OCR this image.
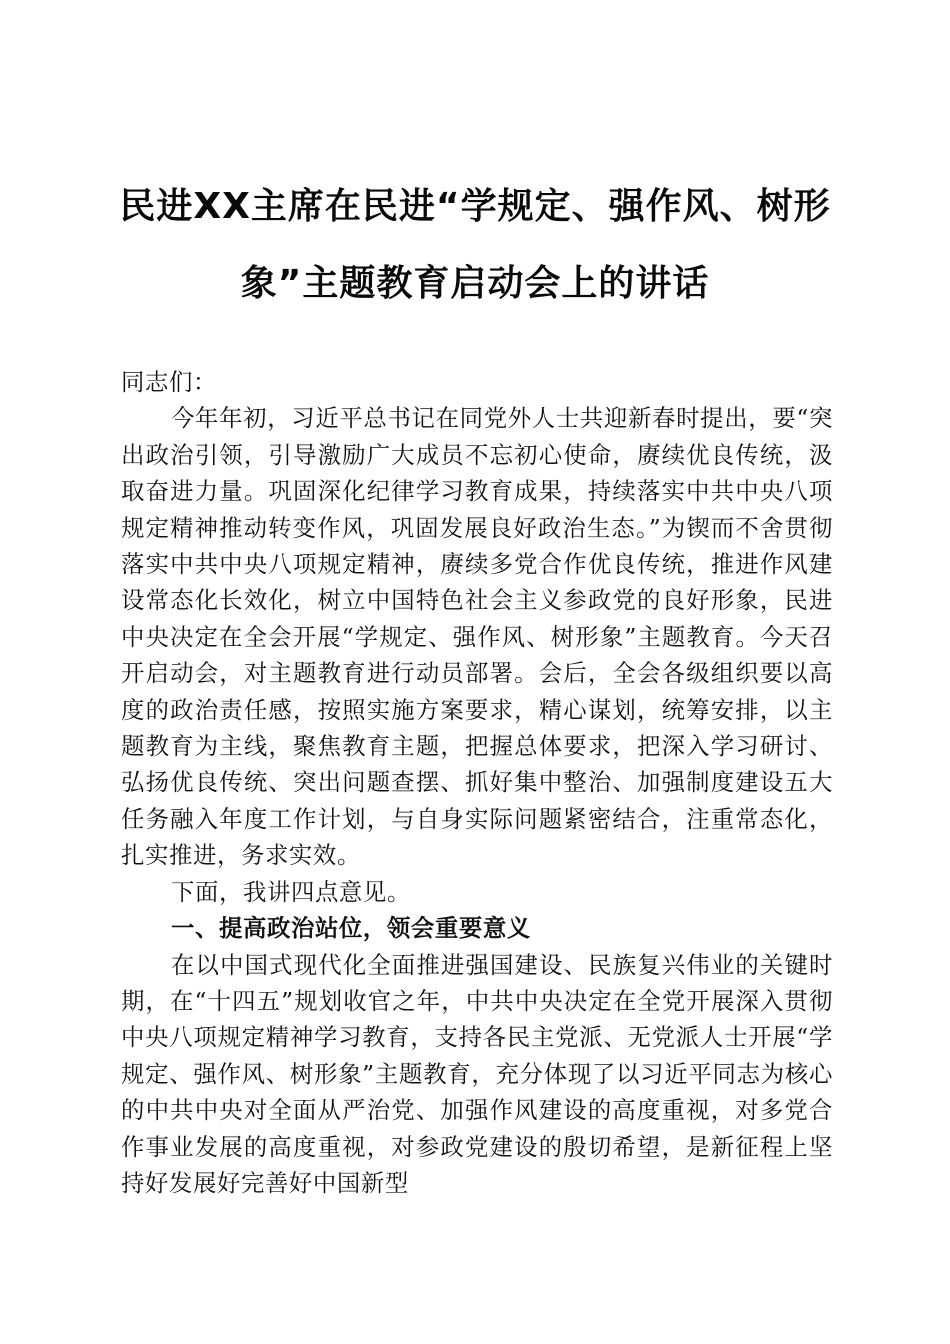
民进XX主席在民进“学规定、强作风、树形
象”主题教育启动会上的讲话

同志们：

今年年初，习近平总书记在同党外人士共迎新春时提出，要“突出政治引领，引导激励广大成员不忘初心使命，赓续优良传统，汲取奋进力量。巩固深化纪律学习教育成果，持续落实中共中央八项规定精神推动转变作风，巩固发展良好政治生态。”为锲而不舍贯彻落实中共中央八项规定精神，赓续多党合作优良传统，推进作风建设常态化长效化，树立中国特色社会主义参政党的良好形象，民进中央决定在全会开展“学规定、强作风、树形象”主题教育。今天召开启动会，对主题教育进行动员部署。会后，全会各级组织要以高度的政治责任感，按照实施方案要求，精心谋划，统筹安排，以主题教育为主线，聚焦教育主题，把握总体要求，把深入学习研讨、弘扬优良传统、突出问题查摆、抓好集中整治、加强制度建设五大任务融入年度工作计划，与自身实际问题紧密结合，注重常态化，扎实推进，务求实效。

下面，我讲四点意见。

一、提高政治站位，领会重要意义

在以中国式现代化全面推进强国建设、民族复兴伟业的关键时期，在“十四五”规划收官之年，中共中央决定在全党开展深入贯彻中央八项规定精神学习教育，支持各民主党派、无党派人士开展“学规定、强作风、树形象”主题教育，充分体现了以习近平同志为核心的中共中央对全面从严治党、加强作风建设的高度重视，对多党合作事业发展的高度重视，对参政党建设的殷切希望，是新征程上坚持好发展好完善好中国新型
